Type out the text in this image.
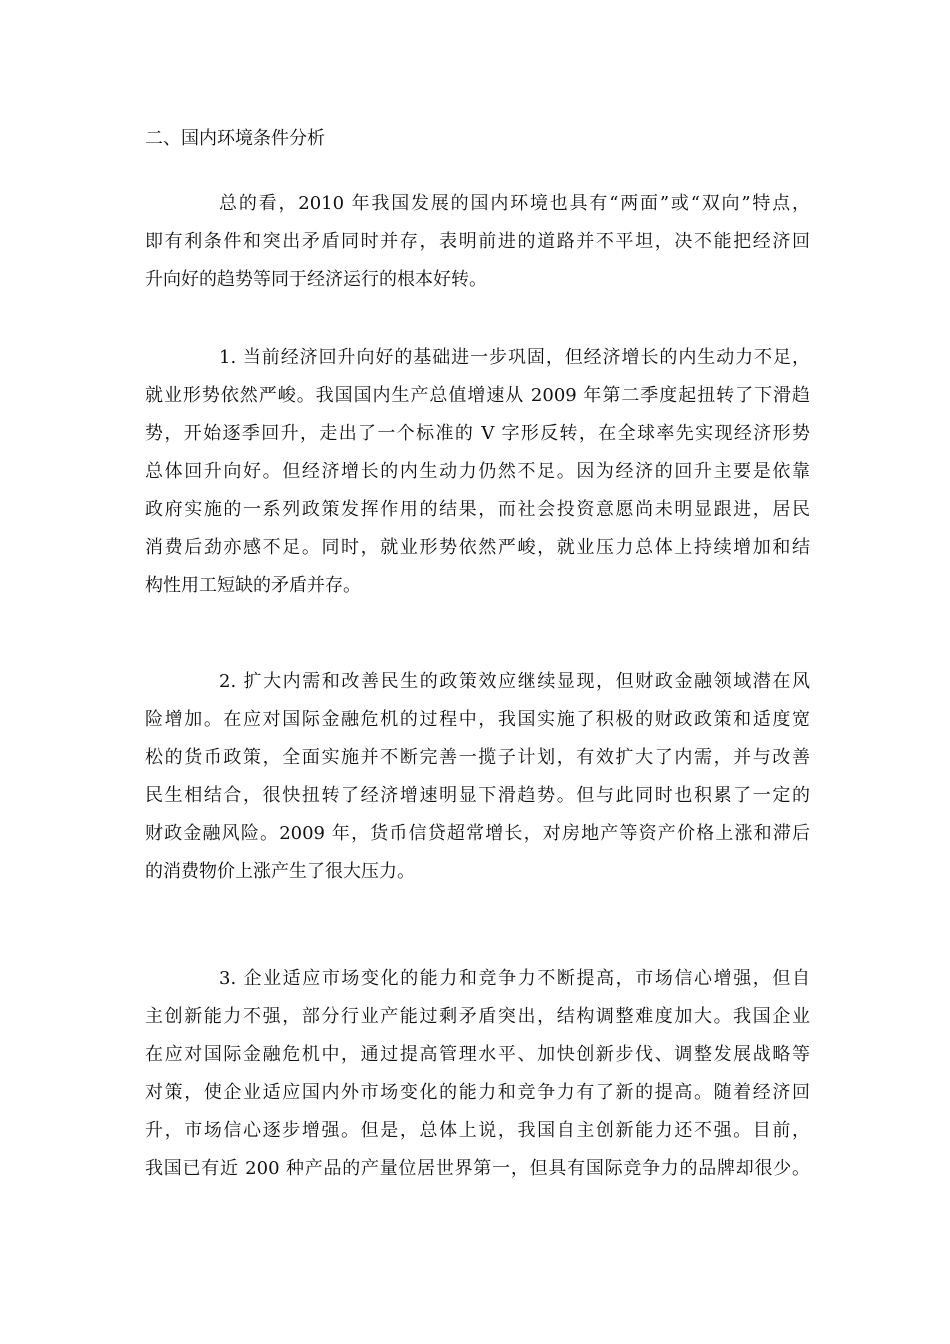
二、国内环境条件分析
总的看，2010 年我国发展的国内环境也具有“两面”或“双向”特点，
即有利条件和突出矛盾同时并存，表明前进的道路并不平坦，决不能把经济回
升向好的趋势等同于经济运行的根本好转。
1. 当前经济回升向好的基础进一步巩固，但经济增长的内生动力不足，
就业形势依然严峻。我国国内生产总值增速从 2009 年第二季度起扭转了下滑趋
势，开始逐季回升，走出了一个标准的 V 字形反转，在全球率先实现经济形势
总体回升向好。但经济增长的内生动力仍然不足。因为经济的回升主要是依靠
政府实施的一系列政策发挥作用的结果，而社会投资意愿尚未明显跟进，居民
消费后劲亦感不足。同时，就业形势依然严峻，就业压力总体上持续增加和结
构性用工短缺的矛盾并存。
2. 扩大内需和改善民生的政策效应继续显现，但财政金融领域潜在风
险增加。在应对国际金融危机的过程中，我国实施了积极的财政政策和适度宽
松的货币政策，全面实施并不断完善一揽子计划，有效扩大了内需，并与改善
民生相结合，很快扭转了经济增速明显下滑趋势。但与此同时也积累了一定的
财政金融风险。2009 年，货币信贷超常增长，对房地产等资产价格上涨和滞后
的消费物价上涨产生了很大压力。
3. 企业适应市场变化的能力和竞争力不断提高，市场信心增强，但自
主创新能力不强，部分行业产能过剩矛盾突出，结构调整难度加大。我国企业
在应对国际金融危机中，通过提高管理水平、加快创新步伐、调整发展战略等
对策，使企业适应国内外市场变化的能力和竞争力有了新的提高。随着经济回
升，市场信心逐步增强。但是，总体上说，我国自主创新能力还不强。目前，
我国已有近 200 种产品的产量位居世界第一，但具有国际竞争力的品牌却很少。
